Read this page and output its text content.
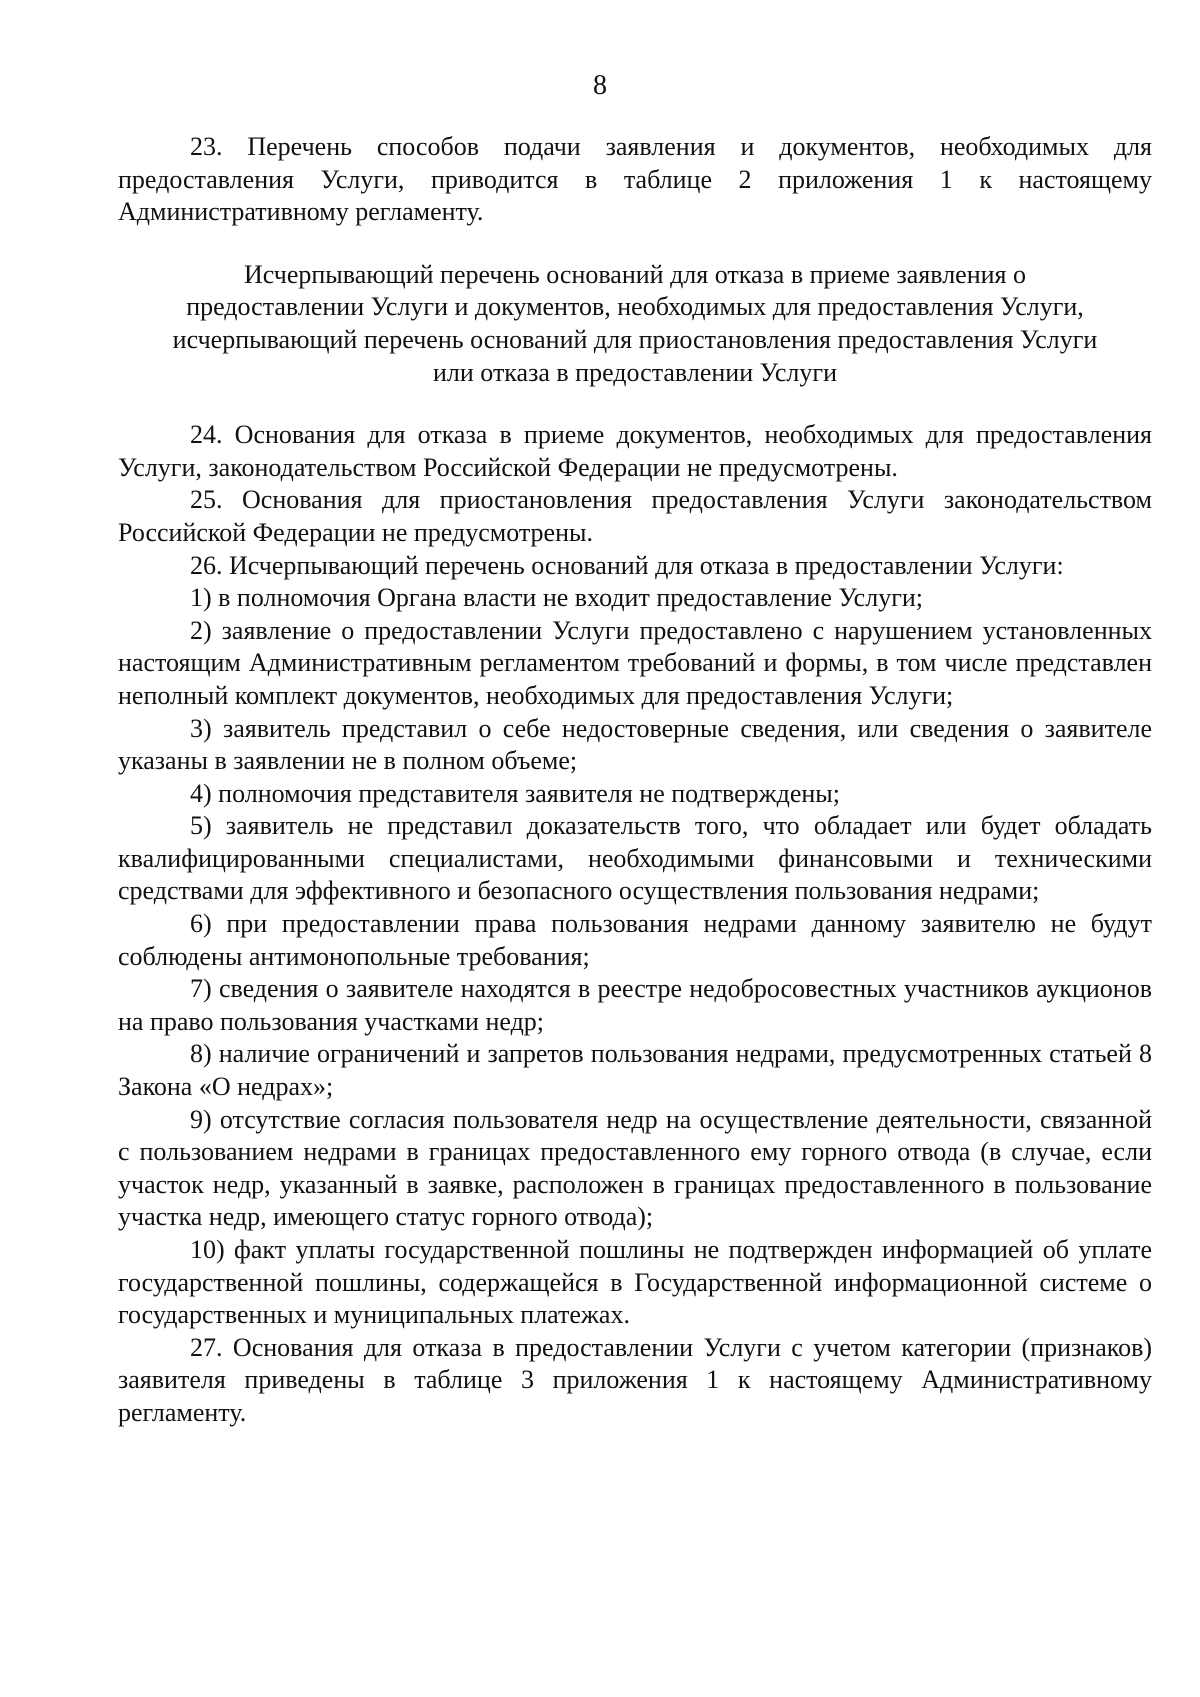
8

23. Перечень способов подачи заявления и документов, необходимых для предоставления Услуги, приводится в таблице 2 приложения 1 к настоящему Административному регламенту.

Исчерпывающий перечень оснований для отказа в приеме заявления о
предоставлении Услуги и документов, необходимых для предоставления Услуги,
исчерпывающий перечень оснований для приостановления предоставления Услуги
или отказа в предоставлении Услуги

24. Основания для отказа в приеме документов, необходимых для предоставления Услуги, законодательством Российской Федерации не предусмотрены.

25. Основания для приостановления предоставления Услуги законодательством Российской Федерации не предусмотрены.

26. Исчерпывающий перечень оснований для отказа в предоставлении Услуги:

1) в полномочия Органа власти не входит предоставление Услуги;

2) заявление о предоставлении Услуги предоставлено с нарушением установленных настоящим Административным регламентом требований и формы, в том числе представлен неполный комплект документов, необходимых для предоставления Услуги;

3) заявитель представил о себе недостоверные сведения, или сведения о заявителе указаны в заявлении не в полном объеме;

4) полномочия представителя заявителя не подтверждены;

5) заявитель не представил доказательств того, что обладает или будет обладать квалифицированными специалистами, необходимыми финансовыми и техническими средствами для эффективного и безопасного осуществления пользования недрами;

6) при предоставлении права пользования недрами данному заявителю не будут соблюдены антимонопольные требования;

7) сведения о заявителе находятся в реестре недобросовестных участников аукционов на право пользования участками недр;

8) наличие ограничений и запретов пользования недрами, предусмотренных статьей 8 Закона «О недрах»;

9) отсутствие согласия пользователя недр на осуществление деятельности, связанной с пользованием недрами в границах предоставленного ему горного отвода (в случае, если участок недр, указанный в заявке, расположен в границах предоставленного в пользование участка недр, имеющего статус горного отвода);

10) факт уплаты государственной пошлины не подтвержден информацией об уплате государственной пошлины, содержащейся в Государственной информационной системе о государственных и муниципальных платежах.

27. Основания для отказа в предоставлении Услуги с учетом категории (признаков) заявителя приведены в таблице 3 приложения 1 к настоящему Административному регламенту.
